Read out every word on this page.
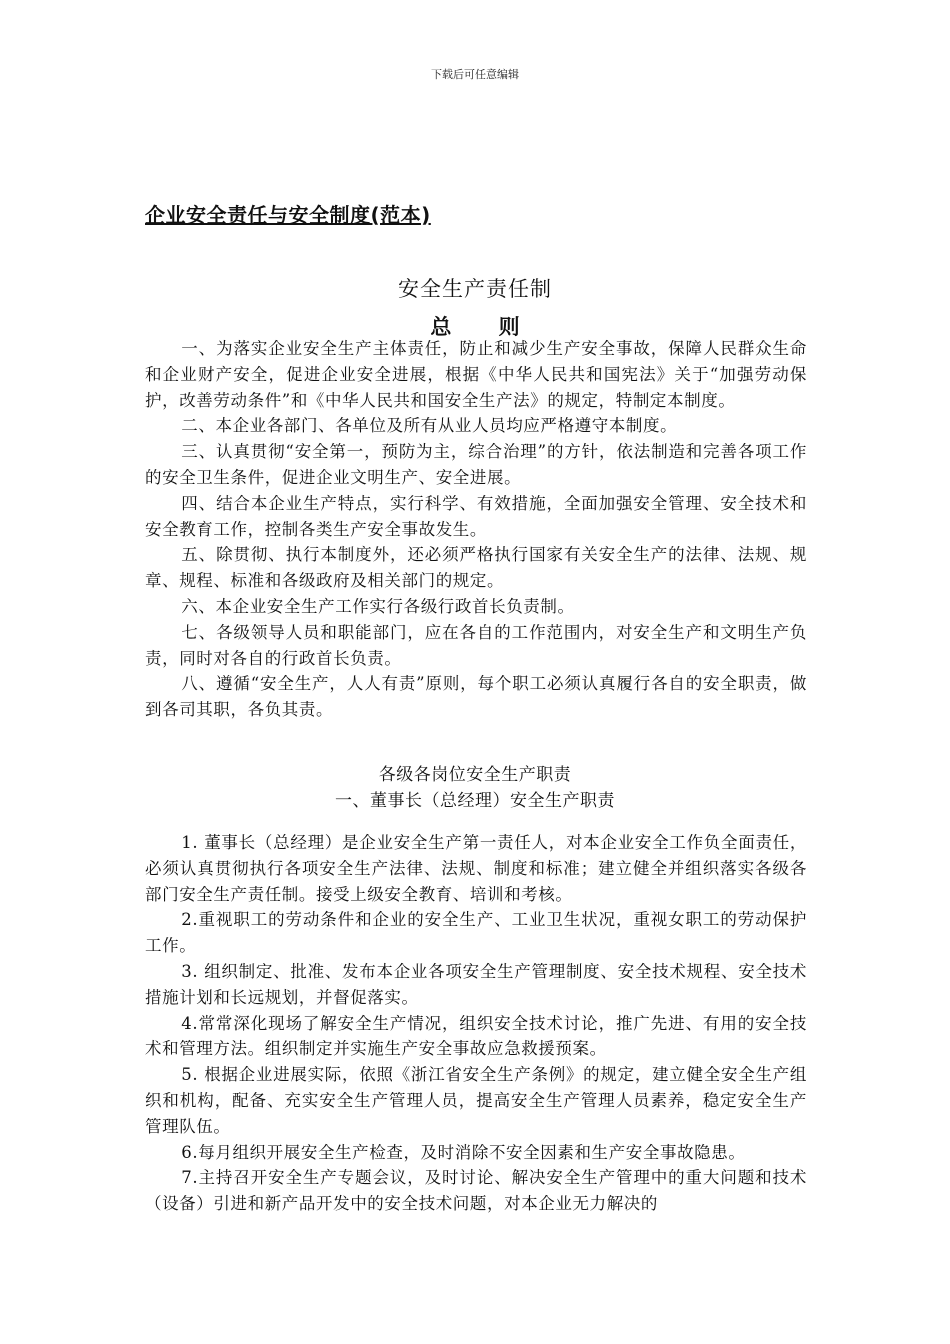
下载后可任意编辑
企业安全责任与安全制度(范本)
安全生产责任制
总 则

一、为落实企业安全生产主体责任，防止和减少生产安全事故，保障人民群众生命和企业财产安全，促进企业安全进展，根据《中华人民共和国宪法》关于“加强劳动保护，改善劳动条件”和《中华人民共和国安全生产法》的规定，特制定本制度。

二、本企业各部门、各单位及所有从业人员均应严格遵守本制度。

三、认真贯彻“安全第一，预防为主，综合治理”的方针，依法制造和完善各项工作的安全卫生条件，促进企业文明生产、安全进展。

四、结合本企业生产特点，实行科学、有效措施，全面加强安全管理、安全技术和安全教育工作，控制各类生产安全事故发生。

五、除贯彻、执行本制度外，还必须严格执行国家有关安全生产的法律、法规、规章、规程、标准和各级政府及相关部门的规定。

六、本企业安全生产工作实行各级行政首长负责制。

七、各级领导人员和职能部门，应在各自的工作范围内，对安全生产和文明生产负责，同时对各自的行政首长负责。

八、遵循“安全生产，人人有责”原则，每个职工必须认真履行各自的安全职责，做到各司其职，各负其责。

各级各岗位安全生产职责
一、董事长（总经理）安全生产职责

1. 董事长（总经理）是企业安全生产第一责任人，对本企业安全工作负全面责任，必须认真贯彻执行各项安全生产法律、法规、制度和标准；建立健全并组织落实各级各部门安全生产责任制。接受上级安全教育、培训和考核。

2.重视职工的劳动条件和企业的安全生产、工业卫生状况，重视女职工的劳动保护工作。

3. 组织制定、批准、发布本企业各项安全生产管理制度、安全技术规程、安全技术措施计划和长远规划，并督促落实。

4.常常深化现场了解安全生产情况，组织安全技术讨论，推广先进、有用的安全技术和管理方法。组织制定并实施生产安全事故应急救援预案。

5. 根据企业进展实际，依照《浙江省安全生产条例》的规定，建立健全安全生产组织和机构，配备、充实安全生产管理人员，提高安全生产管理人员素养，稳定安全生产管理队伍。

6.每月组织开展安全生产检查，及时消除不安全因素和生产安全事故隐患。

7.主持召开安全生产专题会议，及时讨论、解决安全生产管理中的重大问题和技术（设备）引进和新产品开发中的安全技术问题，对本企业无力解决的
